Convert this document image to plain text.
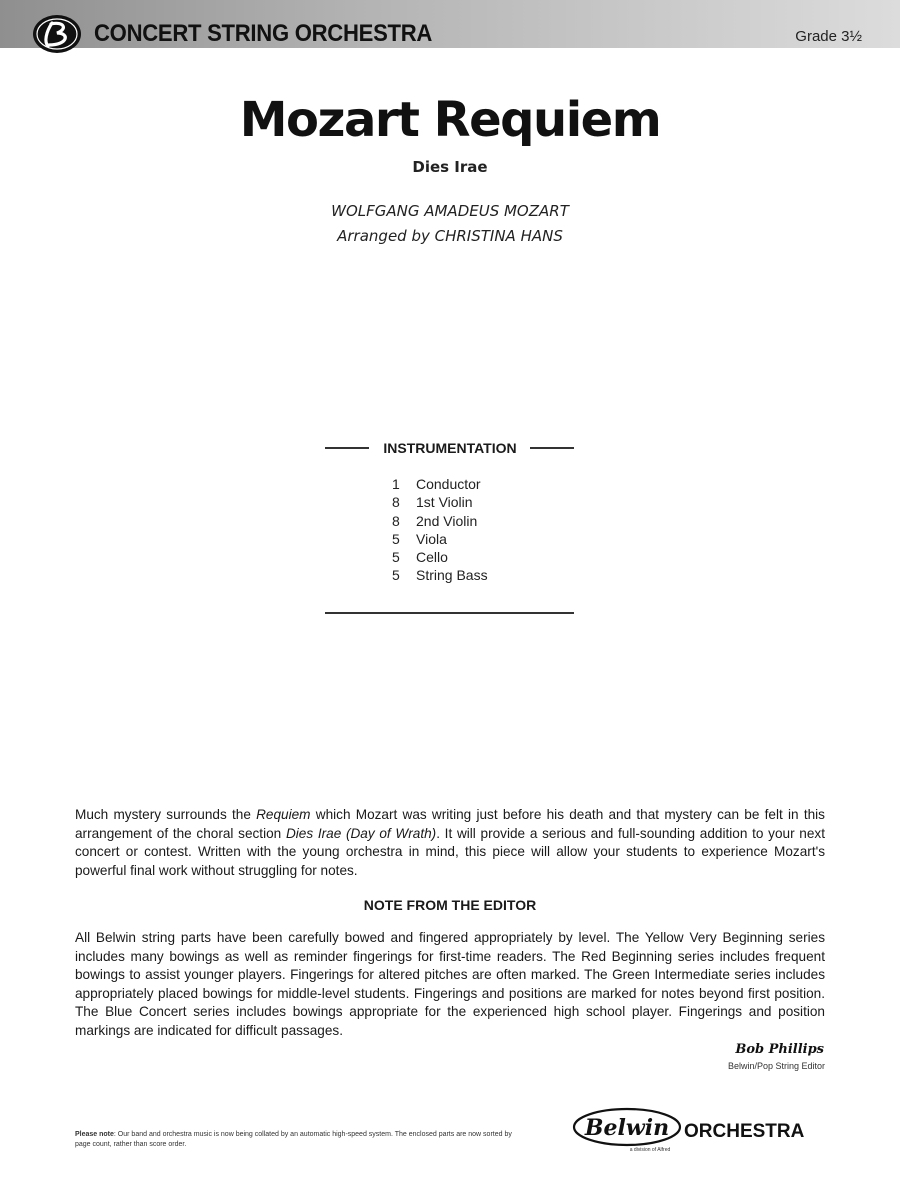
CONCERT STRING ORCHESTRA	Grade 3½
Mozart Requiem
Dies Irae
WOLFGANG AMADEUS MOZART
Arranged by CHRISTINA HANS
INSTRUMENTATION
1	Conductor
8	1st Violin
8	2nd Violin
5	Viola
5	Cello
5	String Bass

Much mystery surrounds the Requiem which Mozart was writing just before his death and that mystery can be felt in this arrangement of the choral section Dies Irae (Day of Wrath). It will provide a serious and full-sounding addition to your next concert or contest. Written with the young orchestra in mind, this piece will allow your students to experience Mozart's powerful final work without struggling for notes.

NOTE FROM THE EDITOR

All Belwin string parts have been carefully bowed and fingered appropriately by level. The Yellow Very Beginning series includes many bowings as well as reminder fingerings for first-time readers. The Red Beginning series includes frequent bowings to assist younger players. Fingerings for altered pitches are often marked. The Green Intermediate series includes appropriately placed bowings for middle-level students. Fingerings and positions are marked for notes beyond first position. The Blue Concert series includes bowings appropriate for the experienced high school player. Fingerings and position markings are indicated for difficult passages.

Bob Phillips
Belwin/Pop String Editor

Please note: Our band and orchestra music is now being collated by an automatic high-speed system. The enclosed parts are now sorted by page count, rather than score order.

Belwin
a division of Alfred
ORCHESTRA
